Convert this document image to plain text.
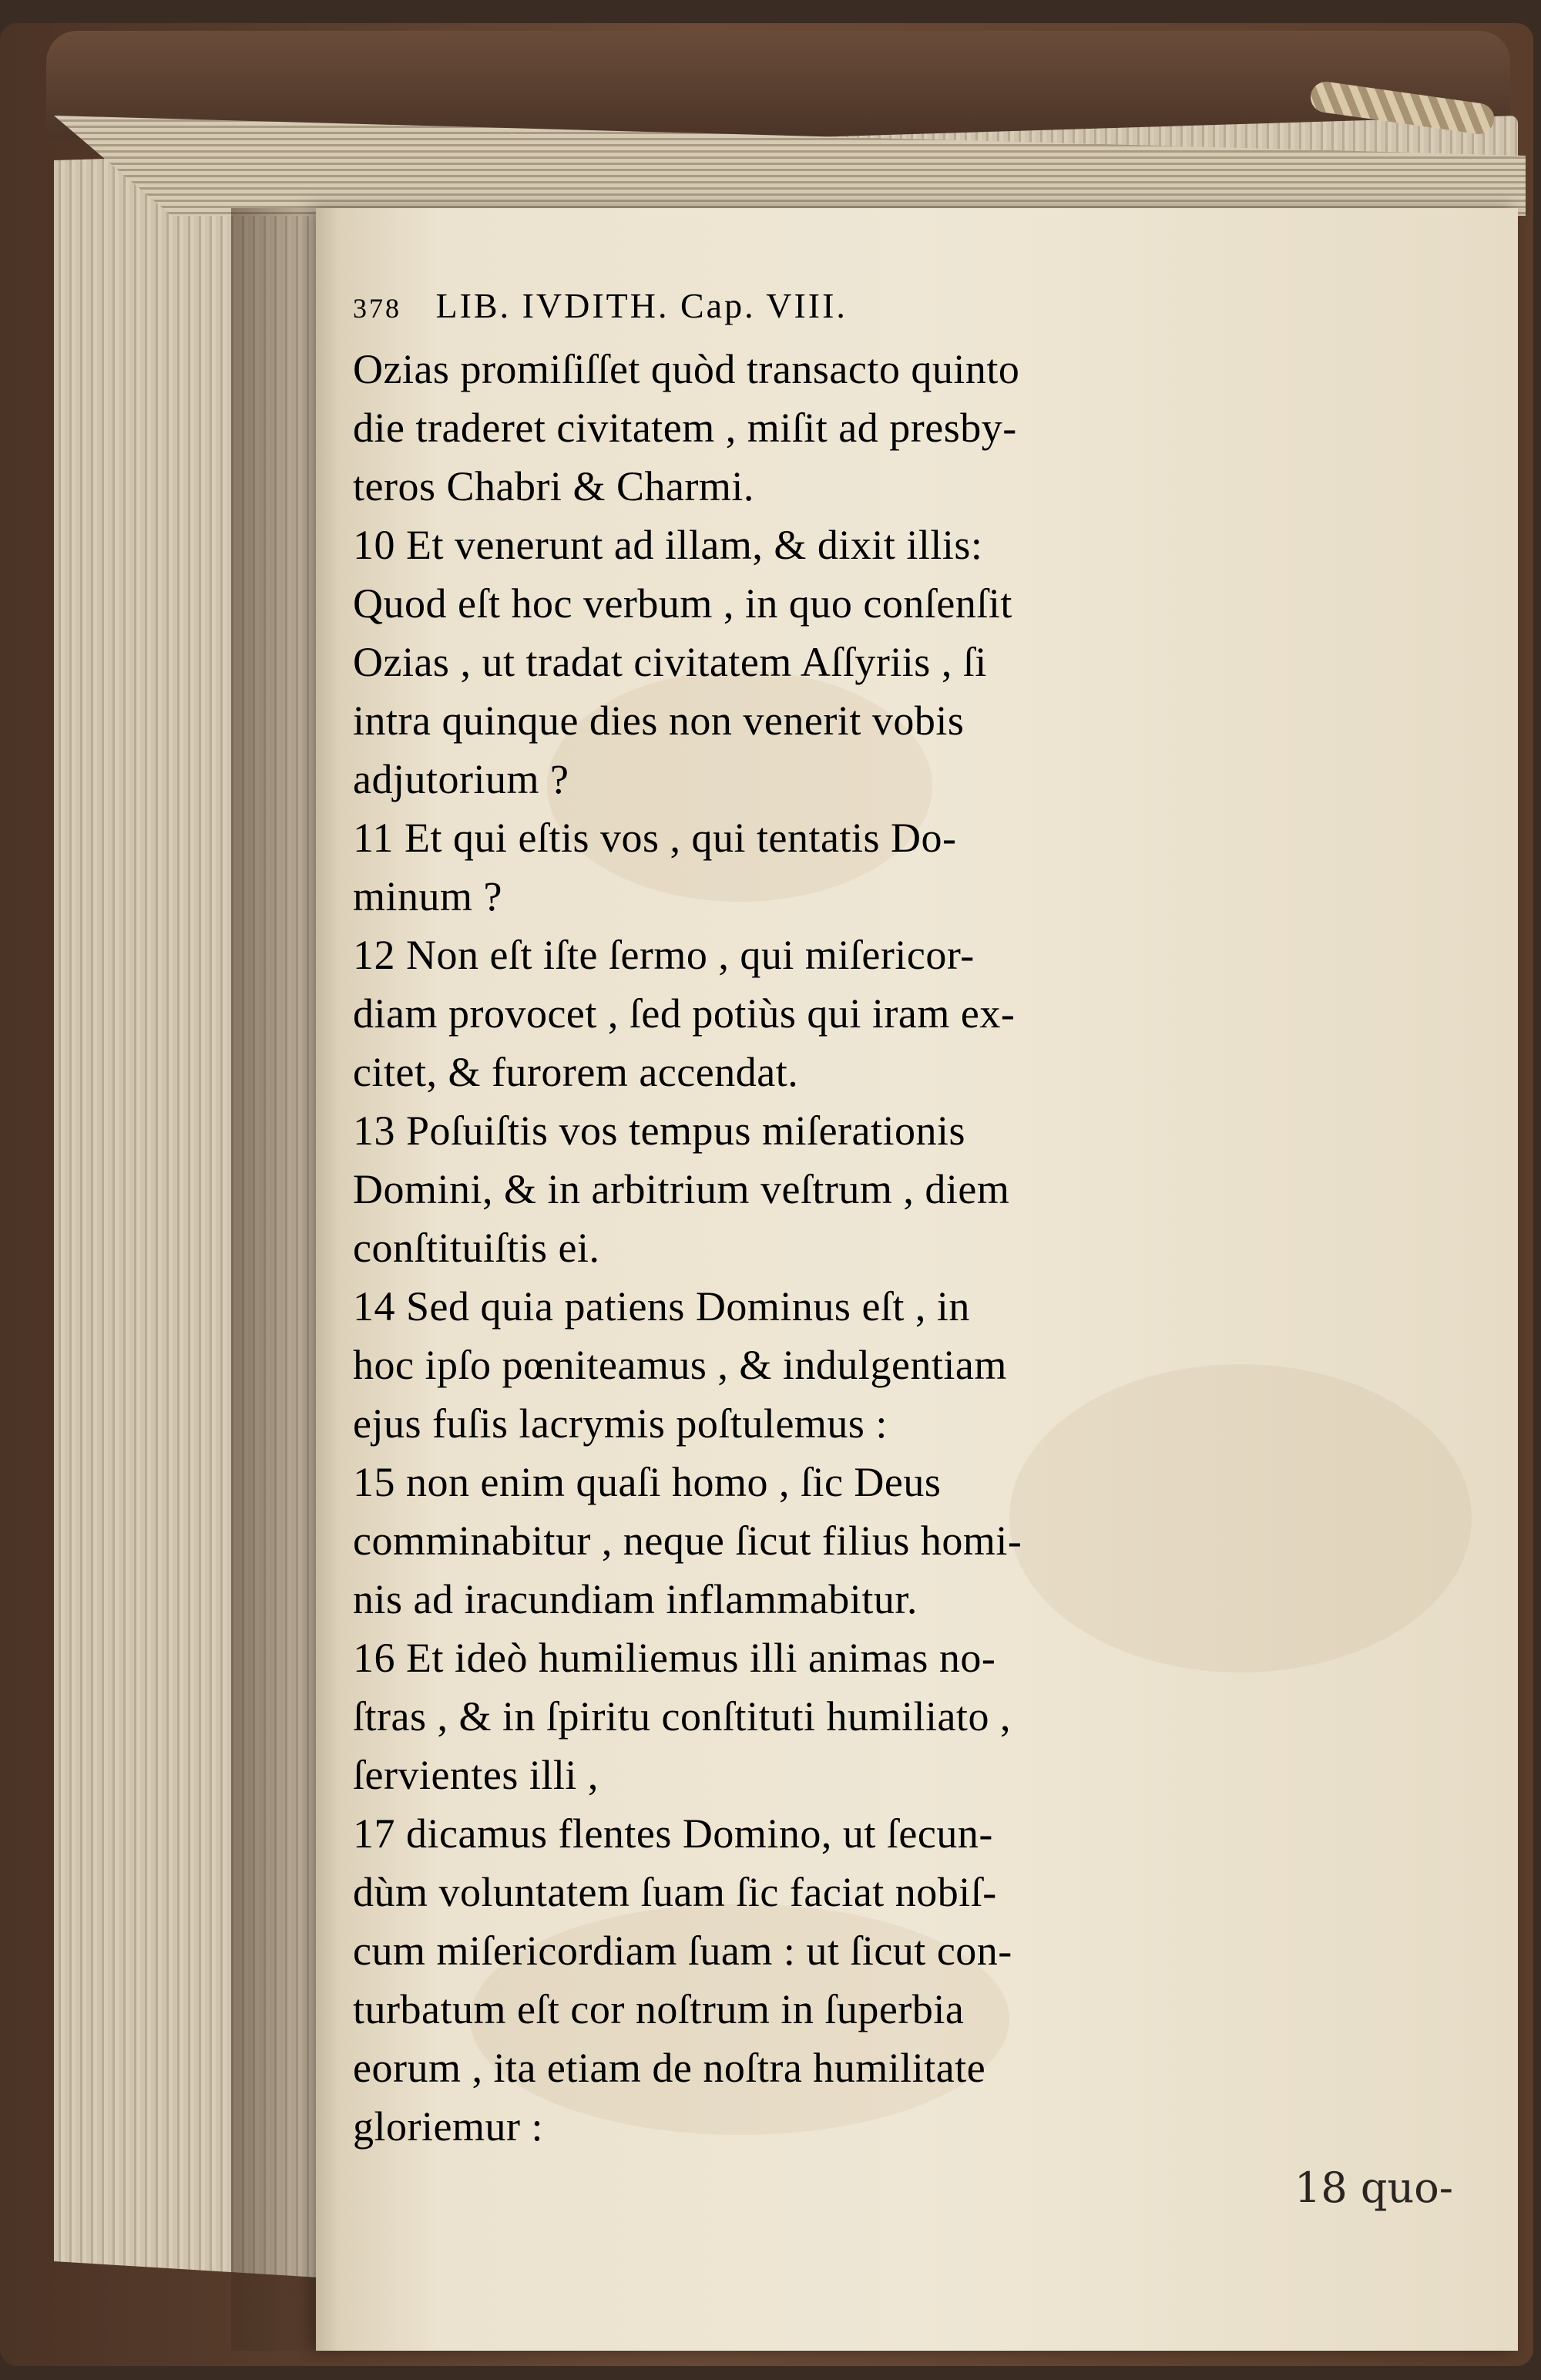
378 LIB. IVDITH. Cap. VIII.
Ozias promiſiſſet quòd transacto quinto
die traderet civitatem , miſit ad presby-
teros Chabri & Charmi.
10 Et venerunt ad illam, & dixit illis:
Quod eſt hoc verbum , in quo conſenſit
Ozias , ut tradat civitatem Aſſyriis , ſi
intra quinque dies non venerit vobis
adjutorium ?
11 Et qui eſtis vos , qui tentatis Do-
minum ?
12 Non eſt iſte ſermo , qui miſericor-
diam provocet , ſed potiùs qui iram ex-
citet, & furorem accendat.
13 Poſuiſtis vos tempus miſerationis
Domini, & in arbitrium veſtrum , diem
conſtituiſtis ei.
14 Sed quia patiens Dominus eſt , in
hoc ipſo pœniteamus , & indulgentiam
ejus fuſis lacrymis poſtulemus :
15 non enim quaſi homo , ſic Deus
comminabitur , neque ſicut filius homi-
nis ad iracundiam inflammabitur.
16 Et ideò humiliemus illi animas no-
ſtras , & in ſpiritu conſtituti humiliato ,
ſervientes illi ,
17 dicamus flentes Domino, ut ſecun-
dùm voluntatem ſuam ſic faciat nobiſ-
cum miſericordiam ſuam : ut ſicut con-
turbatum eſt cor noſtrum in ſuperbia
eorum , ita etiam de noſtra humilitate
gloriemur :
18 quo-
